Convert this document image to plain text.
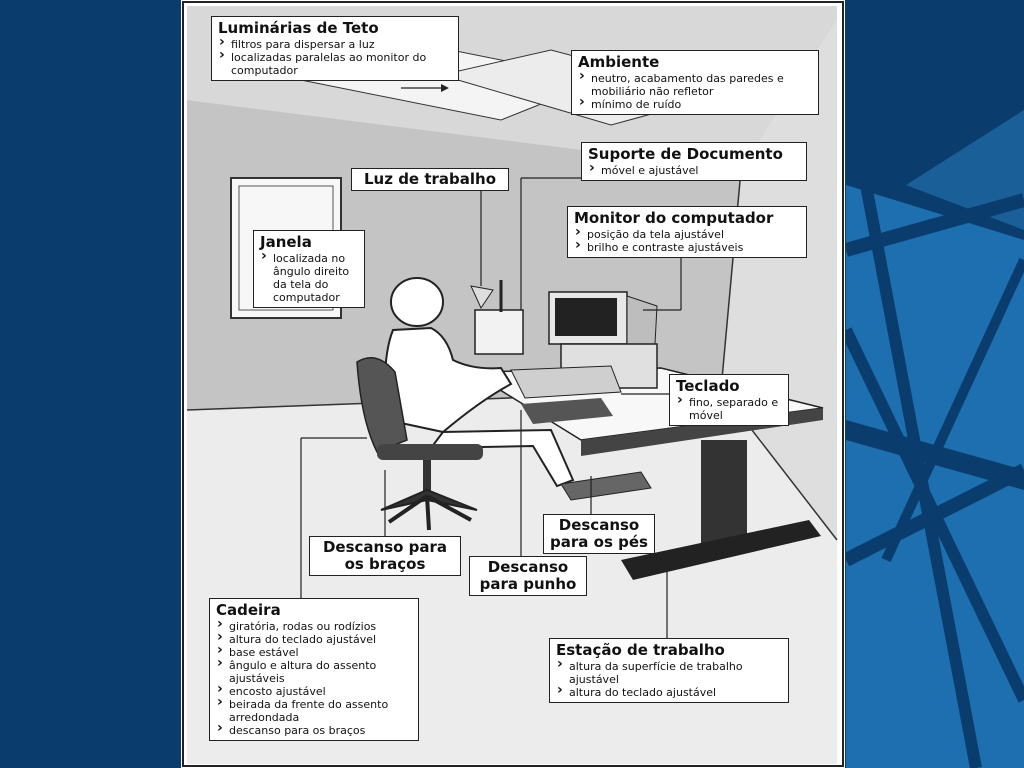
Luminárias de Teto
› filtros para dispersar a luz
› localizadas paralelas ao monitor do computador	Ambiente
› neutro, acabamento das paredes e mobiliário não refletor
› mínimo de ruído
Suporte de Documento
› móvel e ajustável
Luz de trabalho
Monitor do computador
› posição da tela ajustável
› brilho e contraste ajustáveis
Janela
› localizada no ângulo direito da tela do computador
Teclado
› fino, separado e móvel
Descanso para os braços
Descanso para os pés
Descanso para punho
Cadeira
› giratória, rodas ou rodízios
› altura do teclado ajustável
› base estável
› ângulo e altura do assento ajustáveis
› encosto ajustável
› beirada da frente do assento arredondada
› descanso para os braços
Estação de trabalho
› altura da superfície de trabalho ajustável
› altura do teclado ajustável
